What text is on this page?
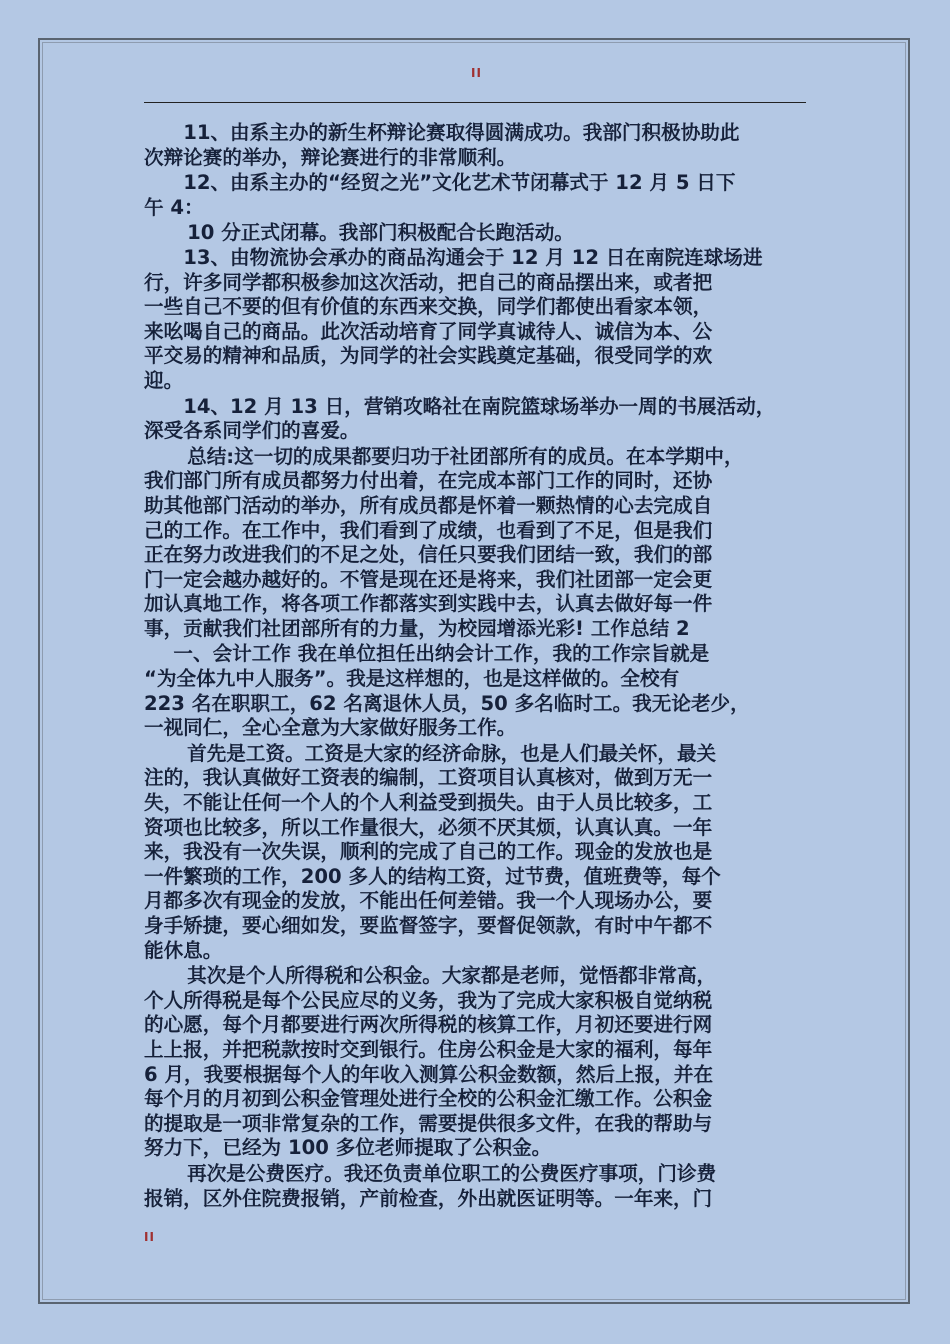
II

11、由系主办的新生杯辩论赛取得圆满成功。我部门积极协助此

次辩论赛的举办，辩论赛进行的非常顺利。

12、由系主办的“经贸之光”文化艺术节闭幕式于 12 月 5 日下

午 4：

10 分正式闭幕。我部门积极配合长跑活动。

13、由物流协会承办的商品沟通会于 12 月 12 日在南院连球场进

行，许多同学都积极参加这次活动，把自己的商品摆出来，或者把

一些自己不要的但有价值的东西来交换，同学们都使出看家本领，

来吆喝自己的商品。此次活动培育了同学真诚待人、诚信为本、公

平交易的精神和品质，为同学的社会实践奠定基础，很受同学的欢

迎。

14、12 月 13 日，营销攻略社在南院篮球场举办一周的书展活动，

深受各系同学们的喜爱。

总结:这一切的成果都要归功于社团部所有的成员。在本学期中，

我们部门所有成员都努力付出着，在完成本部门工作的同时，还协

助其他部门活动的举办，所有成员都是怀着一颗热情的心去完成自

己的工作。在工作中，我们看到了成绩，也看到了不足，但是我们

正在努力改进我们的不足之处，信任只要我们团结一致，我们的部

门一定会越办越好的。不管是现在还是将来，我们社团部一定会更

加认真地工作，将各项工作都落实到实践中去，认真去做好每一件

事，贡献我们社团部所有的力量，为校园增添光彩! 工作总结 2

一、会计工作 我在单位担任出纳会计工作，我的工作宗旨就是

“为全体九中人服务”。我是这样想的，也是这样做的。全校有

223 名在职职工，62 名离退休人员，50 多名临时工。我无论老少，

一视同仁，全心全意为大家做好服务工作。

首先是工资。工资是大家的经济命脉，也是人们最关怀，最关

注的，我认真做好工资表的编制，工资项目认真核对，做到万无一

失，不能让任何一个人的个人利益受到损失。由于人员比较多，工

资项也比较多，所以工作量很大，必须不厌其烦，认真认真。一年

来，我没有一次失误，顺利的完成了自己的工作。现金的发放也是

一件繁琐的工作，200 多人的结构工资，过节费，值班费等，每个

月都多次有现金的发放，不能出任何差错。我一个人现场办公，要

身手矫捷，要心细如发，要监督签字，要督促领款，有时中午都不

能休息。

其次是个人所得税和公积金。大家都是老师，觉悟都非常高，

个人所得税是每个公民应尽的义务，我为了完成大家积极自觉纳税

的心愿，每个月都要进行两次所得税的核算工作，月初还要进行网

上上报，并把税款按时交到银行。住房公积金是大家的福利，每年

6 月，我要根据每个人的年收入测算公积金数额，然后上报，并在

每个月的月初到公积金管理处进行全校的公积金汇缴工作。公积金

的提取是一项非常复杂的工作，需要提供很多文件，在我的帮助与

努力下，已经为 100 多位老师提取了公积金。

再次是公费医疗。我还负责单位职工的公费医疗事项，门诊费

报销，区外住院费报销，产前检查，外出就医证明等。一年来，门

II
